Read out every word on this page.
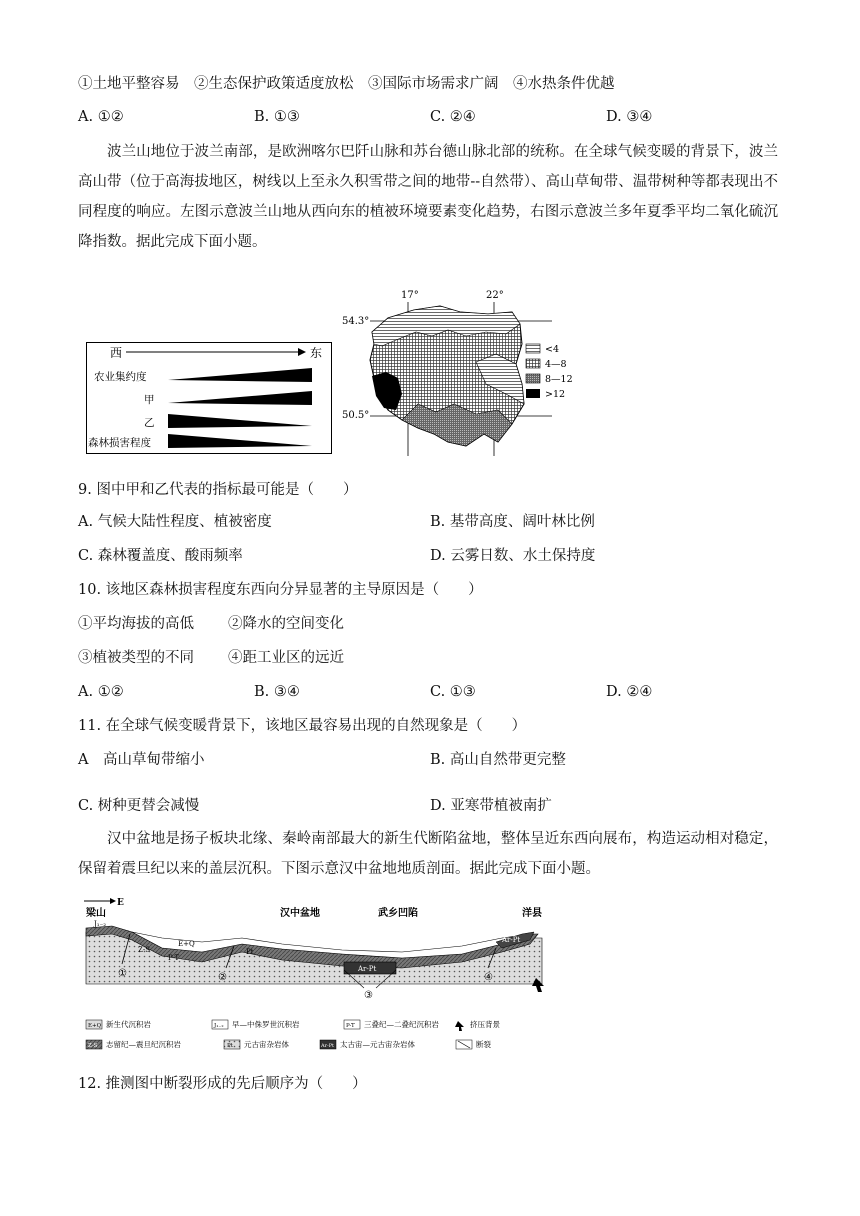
①土地平整容易　②生态保护政策适度放松　③国际市场需求广阔　④水热条件优越
A. ①②	B. ①③	C. ②④	D. ③④
波兰山地位于波兰南部，是欧洲喀尔巴阡山脉和苏台德山脉北部的统称。在全球气候变暖的背景下，波兰高山带（位于高海拔地区，树线以上至永久积雪带之间的地带--自然带）、高山草甸带、温带树种等都表现出不同程度的响应。左图示意波兰山地从西向东的植被环境要素变化趋势，右图示意波兰多年夏季平均二氧化硫沉降指数。据此完成下面小题。
西	东
农业集约度
甲
乙
森林损害程度
17°	22°
54.3°
50.5°
<4
4—8
8—12
>12
9. 图中甲和乙代表的指标最可能是（　　）
A. 气候大陆性程度、植被密度	B. 基带高度、阔叶林比例
C. 森林覆盖度、酸雨频率	D. 云雾日数、水土保持度
10. 该地区森林损害程度东西向分异显著的主导原因是（　　）
①平均海拔的高低 ②降水的空间变化
③植被类型的不同 ④距工业区的远近
A. ①②	B. ③④	C. ①③	D. ②④
11. 在全球气候变暖背景下，该地区最容易出现的自然现象是（　　）
A　高山草甸带缩小	B. 高山自然带更完整
C. 树种更替会减慢	D. 亚寒带植被南扩
汉中盆地是扬子板块北缘、秦岭南部最大的新生代断陷盆地，整体呈近东西向展布，构造运动相对稳定，保留着震旦纪以来的盖层沉积。下图示意汉中盆地地质剖面。据此完成下面小题。
E
梁山	汉中盆地	武乡凹陷	洋县
Ar-Pt
J₁₋₂
E+Q
P-T
Z-S	Pt
Ar-Pt
①	②
③
④
E+Q 新生代沉积岩	J₁₋₂ 早—中侏罗世沉积岩	P-T 三叠纪—二叠纪沉积岩	挤压背景
Z-S 志留纪—震旦纪沉积岩	Pt 元古宙杂岩体	Ar-Pt 太古宙—元古宙杂岩体	断裂
12. 推测图中断裂形成的先后顺序为（　　）
